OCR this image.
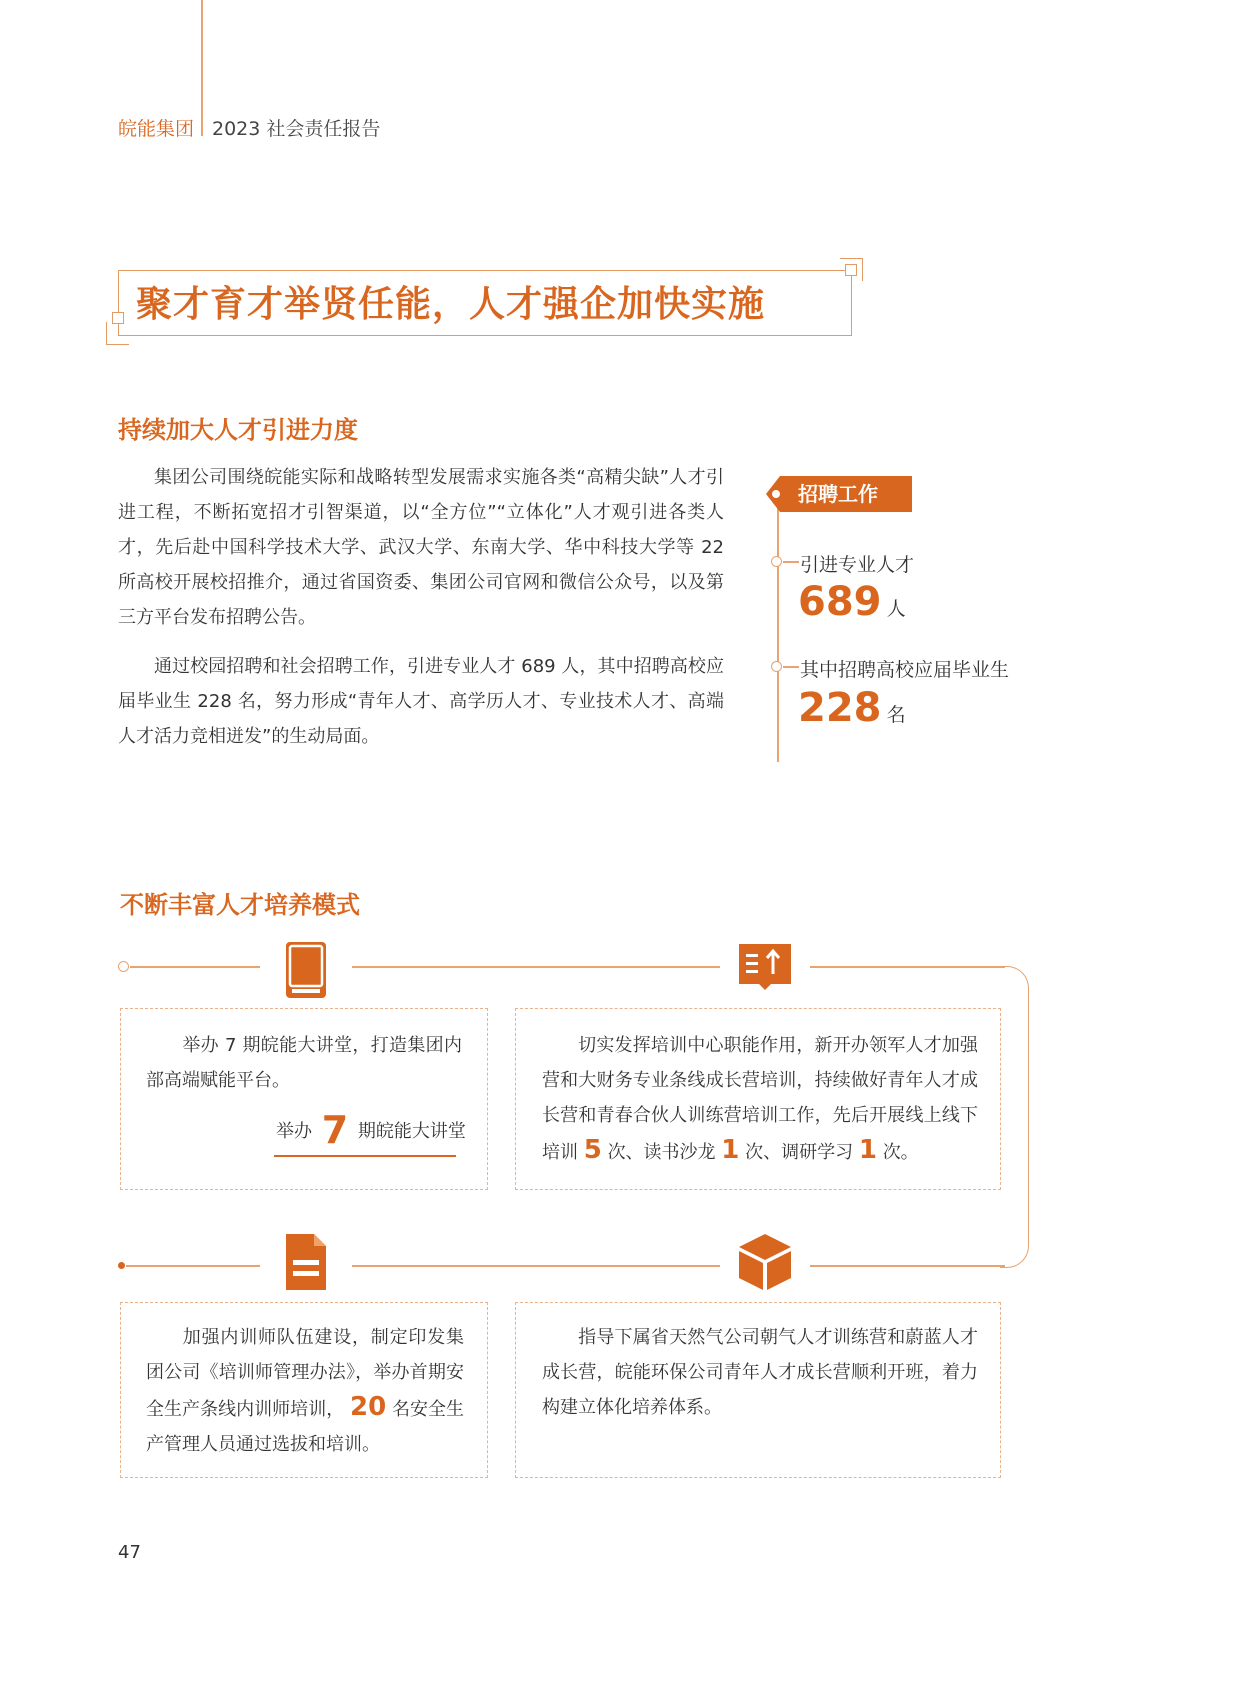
皖能集团 2023 社会责任报告
聚才育才举贤任能，人才强企加快实施
持续加大人才引进力度

集团公司围绕皖能实际和战略转型发展需求实施各类“高精尖缺”人才引进工程，不断拓宽招才引智渠道，以“全方位”“立体化”人才观引进各类人才，先后赴中国科学技术大学、武汉大学、东南大学、华中科技大学等 22 所高校开展校招推介，通过省国资委、集团公司官网和微信公众号，以及第三方平台发布招聘公告。

通过校园招聘和社会招聘工作，引进专业人才 689 人，其中招聘高校应届毕业生 228 名，努力形成“青年人才、高学历人才、专业技术人才、高端人才活力竞相迸发”的生动局面。

招聘工作
引进专业人才
689 人
其中招聘高校应届毕业生
228 名
不断丰富人才培养模式
举办 7 期皖能大讲堂，打造集团内部高端赋能平台。
举办 7 期皖能大讲堂
切实发挥培训中心职能作用，新开办领军人才加强营和大财务专业条线成长营培训，持续做好青年人才成长营和青春合伙人训练营培训工作，先后开展线上线下培训 5 次、读书沙龙 1 次、调研学习 1 次。
加强内训师队伍建设，制定印发集团公司《培训师管理办法》，举办首期安全生产条线内训师培训， 20 名安全生产管理人员通过选拔和培训。
指导下属省天然气公司朝气人才训练营和蔚蓝人才成长营，皖能环保公司青年人才成长营顺利开班，着力构建立体化培养体系。
47
